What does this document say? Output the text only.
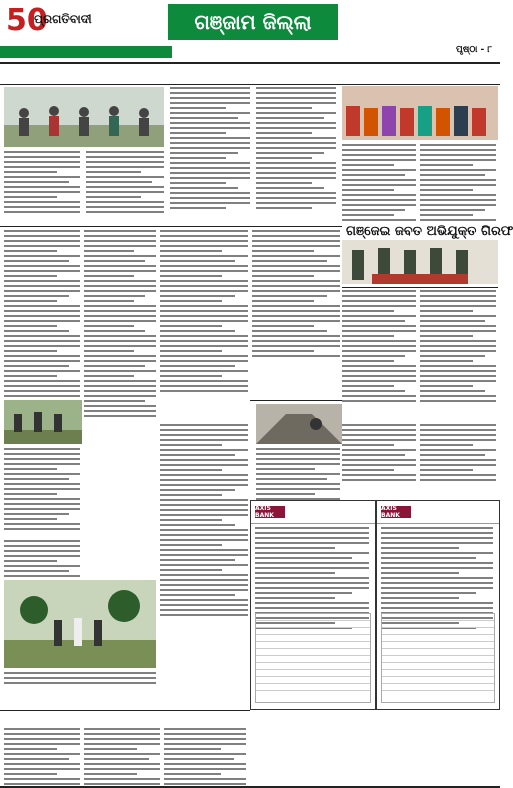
50
ପ୍ରଗତିବାଦୀ	ଗଞ୍ଜାମ ଜିଲ୍ଲା
ପୃଷ୍ଠା - ୮
ଗଞ୍ଜେଇ ଜବତ ଅଭିଯୁକ୍ତ ଗିରଫ
AXIS BANK
AXIS BANK
